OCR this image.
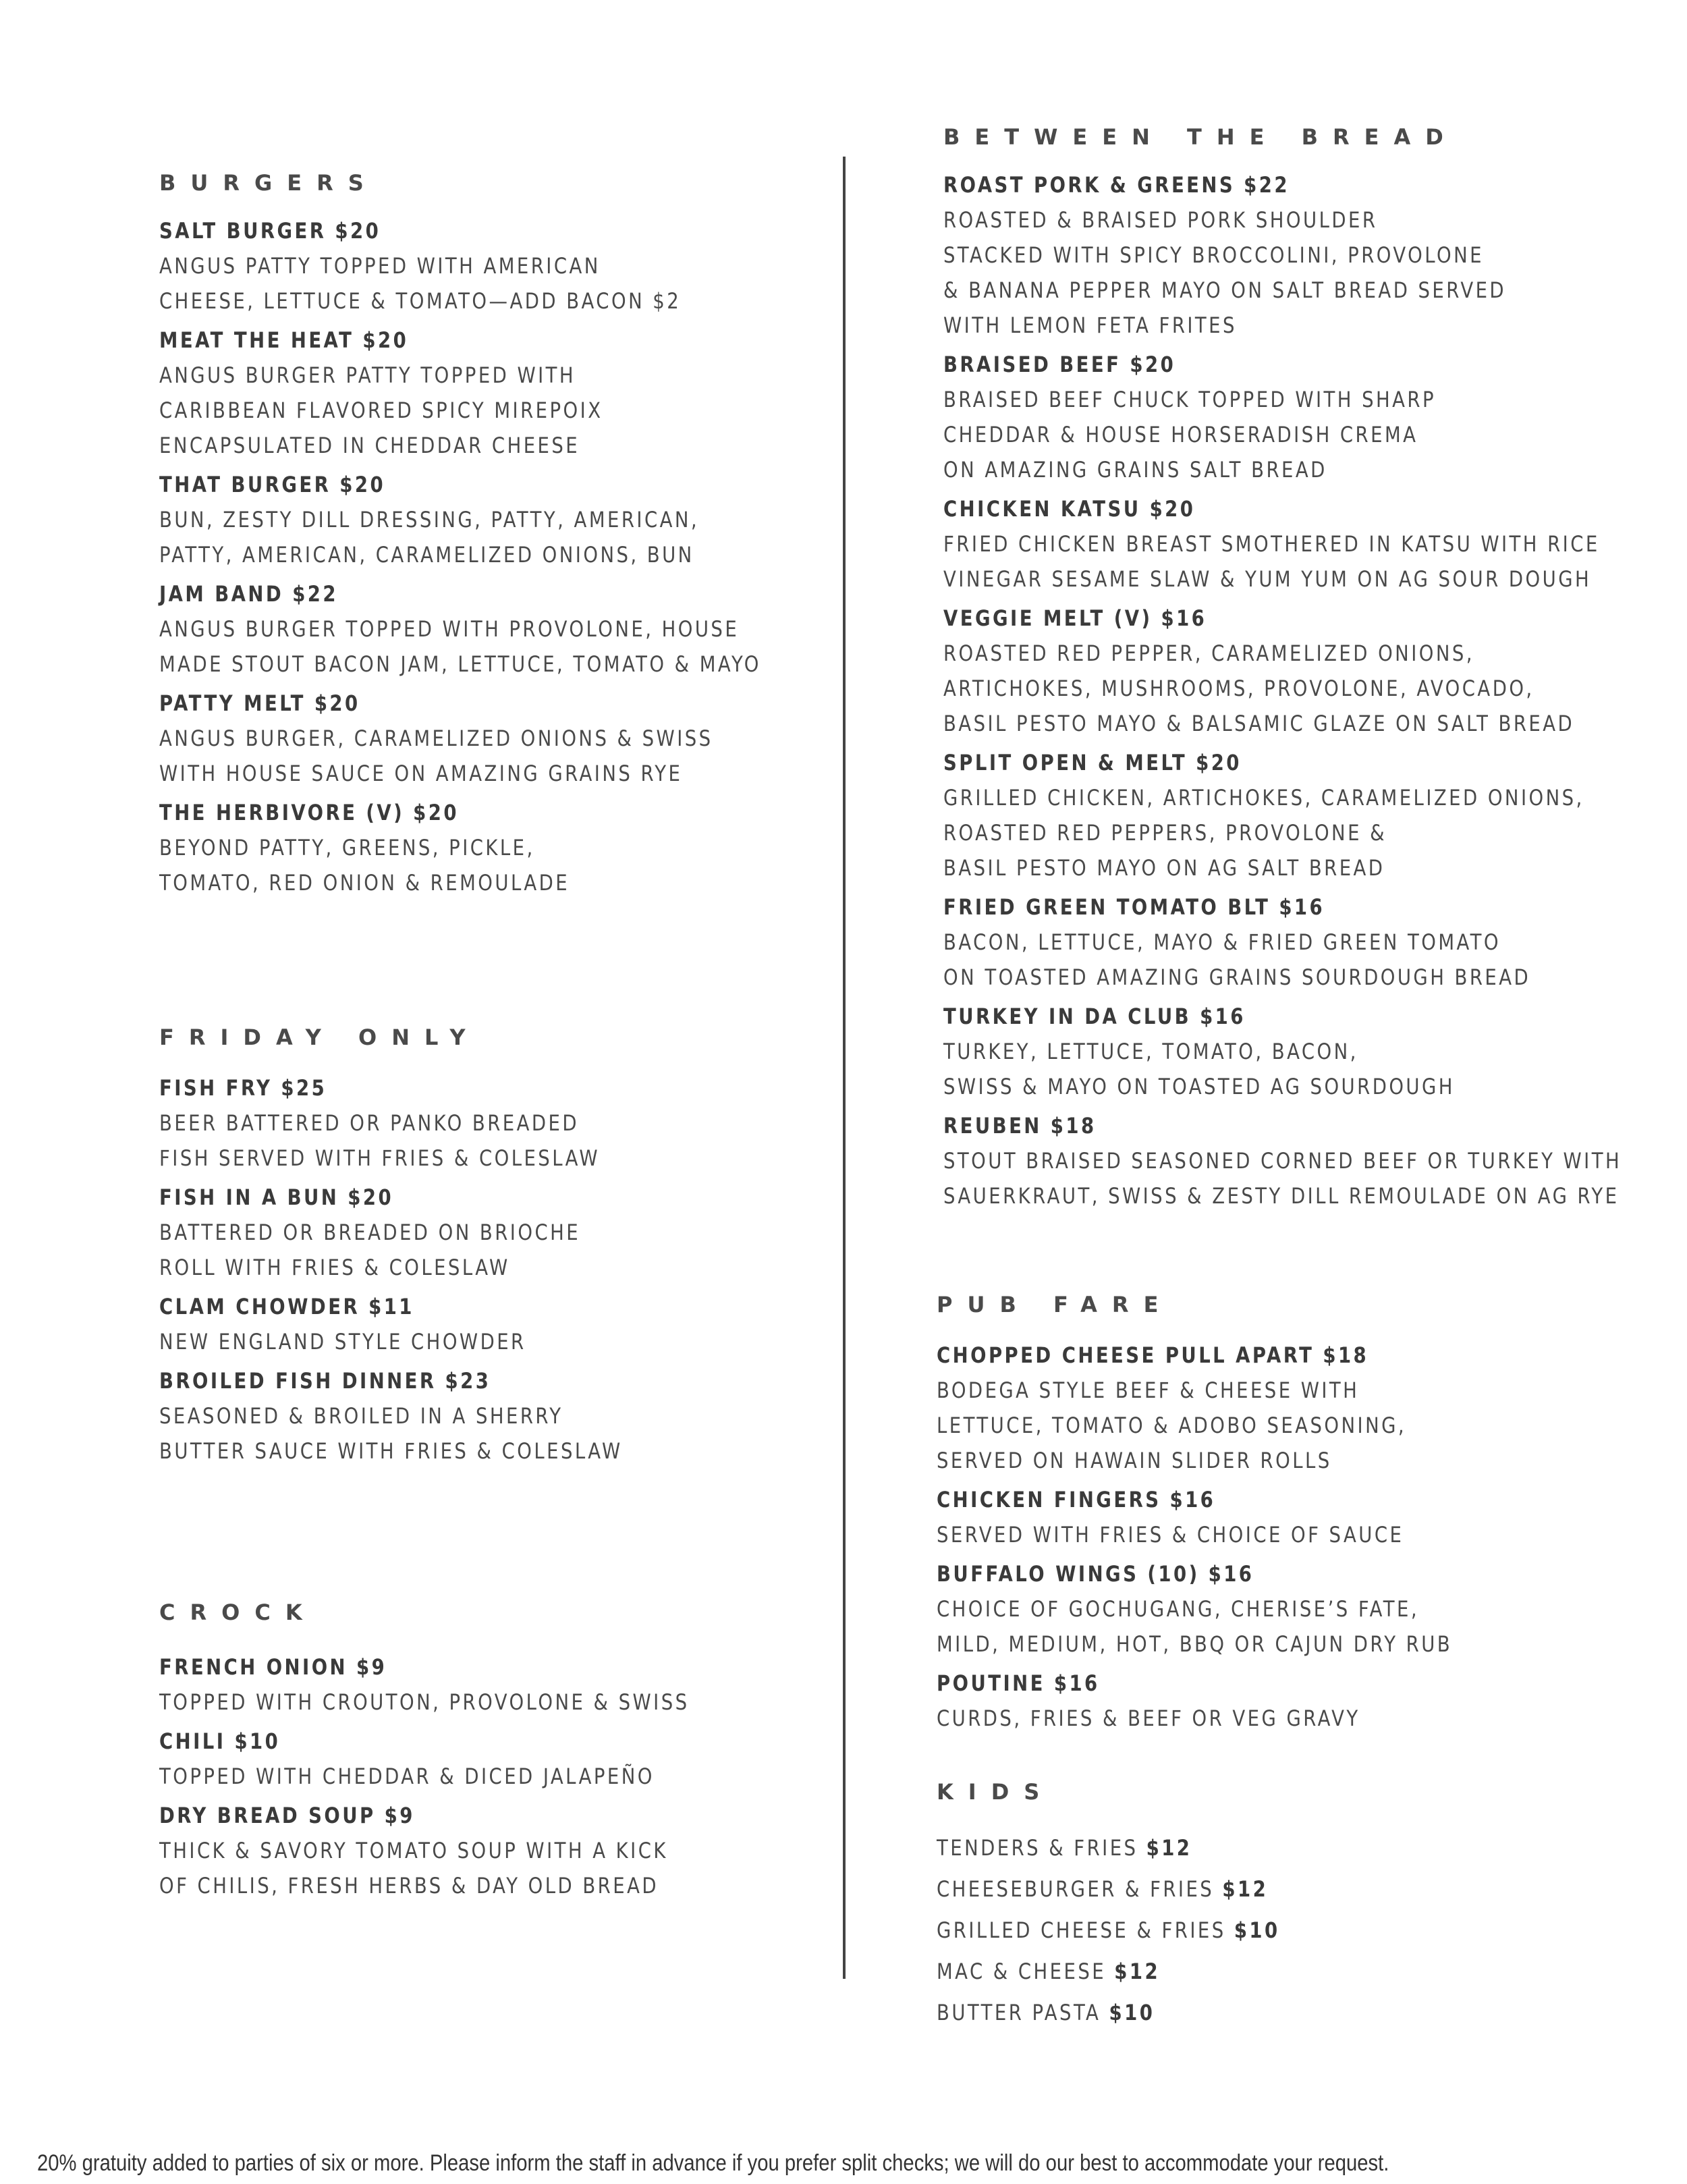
BURGERS
SALT BURGER $20
ANGUS PATTY TOPPED WITH AMERICAN
CHEESE, LETTUCE & TOMATO—ADD BACON $2
MEAT THE HEAT $20
ANGUS BURGER PATTY TOPPED WITH
CARIBBEAN FLAVORED SPICY MIREPOIX
ENCAPSULATED IN CHEDDAR CHEESE
THAT BURGER $20
BUN, ZESTY DILL DRESSING, PATTY, AMERICAN,
PATTY, AMERICAN, CARAMELIZED ONIONS, BUN
JAM BAND $22
ANGUS BURGER TOPPED WITH PROVOLONE, HOUSE
MADE STOUT BACON JAM, LETTUCE, TOMATO & MAYO
PATTY MELT $20
ANGUS BURGER, CARAMELIZED ONIONS & SWISS
WITH HOUSE SAUCE ON AMAZING GRAINS RYE
THE HERBIVORE (V) $20
BEYOND PATTY, GREENS, PICKLE,
TOMATO, RED ONION & REMOULADE
FRIDAY ONLY
FISH FRY $25
BEER BATTERED OR PANKO BREADED
FISH SERVED WITH FRIES & COLESLAW
FISH IN A BUN $20
BATTERED OR BREADED ON BRIOCHE
ROLL WITH FRIES & COLESLAW
CLAM CHOWDER $11
NEW ENGLAND STYLE CHOWDER
BROILED FISH DINNER $23
SEASONED & BROILED IN A SHERRY
BUTTER SAUCE WITH FRIES & COLESLAW
CROCK
FRENCH ONION $9
TOPPED WITH CROUTON, PROVOLONE & SWISS
CHILI $10
TOPPED WITH CHEDDAR & DICED JALAPEÑO
DRY BREAD SOUP $9
THICK & SAVORY TOMATO SOUP WITH A KICK
OF CHILIS, FRESH HERBS & DAY OLD BREAD
BETWEEN THE BREAD
ROAST PORK & GREENS $22
ROASTED & BRAISED PORK SHOULDER
STACKED WITH SPICY BROCCOLINI, PROVOLONE
& BANANA PEPPER MAYO ON SALT BREAD SERVED
WITH LEMON FETA FRITES
BRAISED BEEF $20
BRAISED BEEF CHUCK TOPPED WITH SHARP
CHEDDAR & HOUSE HORSERADISH CREMA
ON AMAZING GRAINS SALT BREAD
CHICKEN KATSU $20
FRIED CHICKEN BREAST SMOTHERED IN KATSU WITH RICE
VINEGAR SESAME SLAW & YUM YUM ON AG SOUR DOUGH
VEGGIE MELT (V) $16
ROASTED RED PEPPER, CARAMELIZED ONIONS,
ARTICHOKES, MUSHROOMS, PROVOLONE, AVOCADO,
BASIL PESTO MAYO & BALSAMIC GLAZE ON SALT BREAD
SPLIT OPEN & MELT $20
GRILLED CHICKEN, ARTICHOKES, CARAMELIZED ONIONS,
ROASTED RED PEPPERS, PROVOLONE &
BASIL PESTO MAYO ON AG SALT BREAD
FRIED GREEN TOMATO BLT $16
BACON, LETTUCE, MAYO & FRIED GREEN TOMATO
ON TOASTED AMAZING GRAINS SOURDOUGH BREAD
TURKEY IN DA CLUB $16
TURKEY, LETTUCE, TOMATO, BACON,
SWISS & MAYO ON TOASTED AG SOURDOUGH
REUBEN $18
STOUT BRAISED SEASONED CORNED BEEF OR TURKEY WITH
SAUERKRAUT, SWISS & ZESTY DILL REMOULADE ON AG RYE
PUB FARE
CHOPPED CHEESE PULL APART $18
BODEGA STYLE BEEF & CHEESE WITH
LETTUCE, TOMATO & ADOBO SEASONING,
SERVED ON HAWAIN SLIDER ROLLS
CHICKEN FINGERS $16
SERVED WITH FRIES & CHOICE OF SAUCE
BUFFALO WINGS (10) $16
CHOICE OF GOCHUGANG, CHERISE’S FATE,
MILD, MEDIUM, HOT, BBQ OR CAJUN DRY RUB
POUTINE $16
CURDS, FRIES & BEEF OR VEG GRAVY
KIDS
TENDERS & FRIES $12
CHEESEBURGER & FRIES $12
GRILLED CHEESE & FRIES $10
MAC & CHEESE $12
BUTTER PASTA $10
20% gratuity added to parties of six or more. Please inform the staff in advance if you prefer split checks; we will do our best to accommodate your request.
